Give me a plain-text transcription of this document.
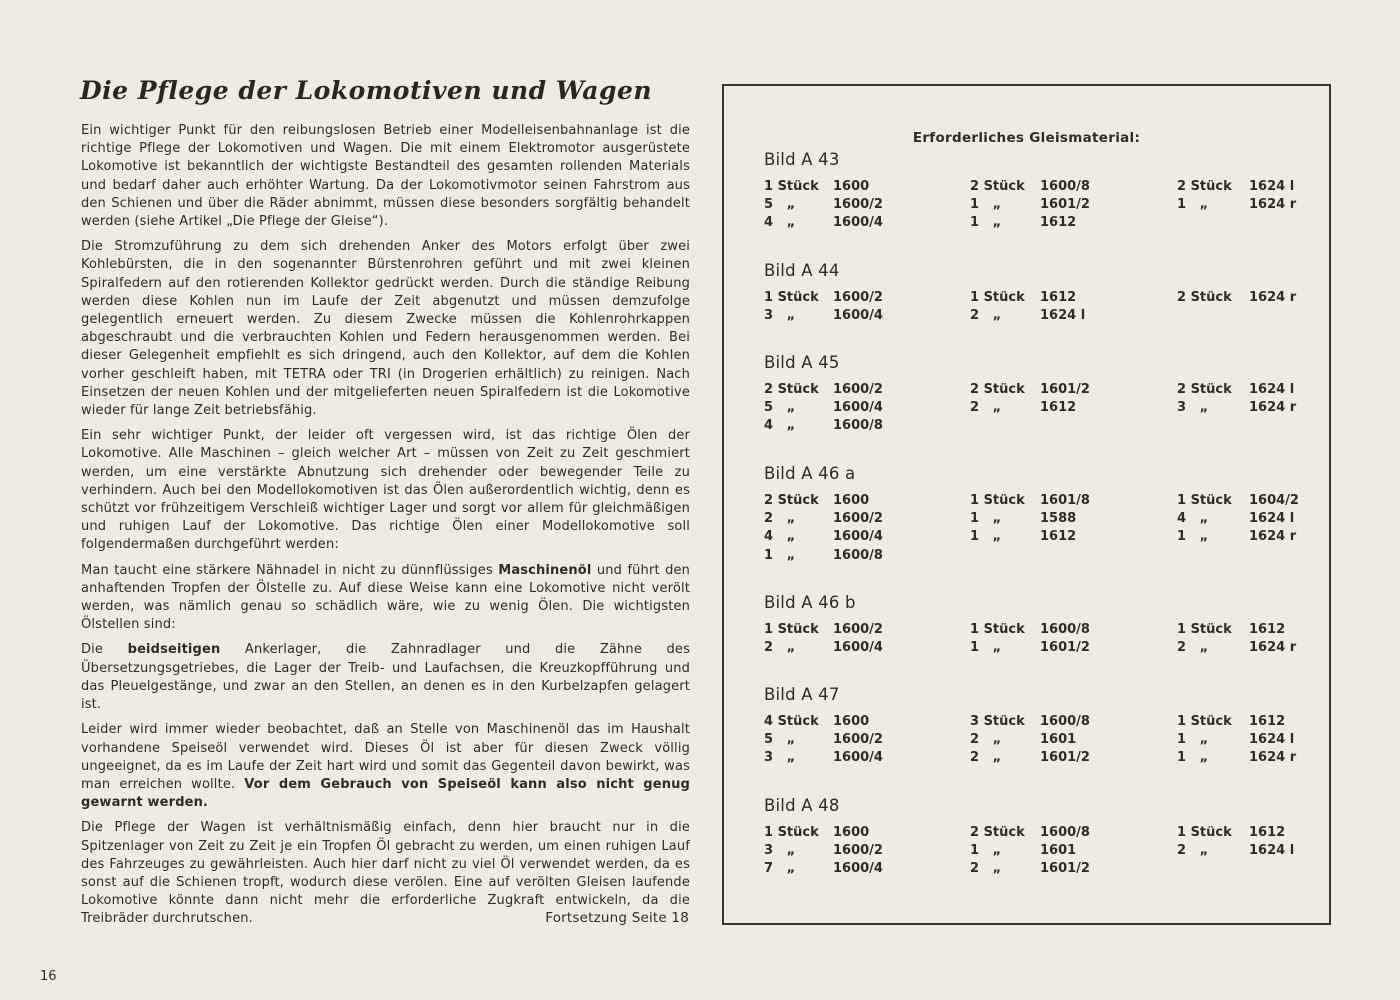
Die Pflege der Lokomotiven und Wagen

Ein wichtiger Punkt für den reibungslosen Betrieb einer Modelleisenbahnanlage ist die richtige Pflege der Lokomotiven und Wagen. Die mit einem Elektromotor ausgerüstete Lokomotive ist bekanntlich der wichtigste Bestandteil des gesamten rollenden Materials und bedarf daher auch erhöhter Wartung. Da der Lokomotivmotor seinen Fahrstrom aus den Schienen und über die Räder abnimmt, müssen diese besonders sorgfältig behandelt werden (siehe Artikel „Die Pflege der Gleise“).

Die Stromzuführung zu dem sich drehenden Anker des Motors erfolgt über zwei Kohlebürsten, die in den sogenannter Bürstenrohren geführt und mit zwei kleinen Spiralfedern auf den rotierenden Kollektor gedrückt werden. Durch die ständige Reibung werden diese Kohlen nun im Laufe der Zeit abgenutzt und müssen demzufolge gelegentlich erneuert werden. Zu diesem Zwecke müssen die Kohlenrohrkappen abgeschraubt und die verbrauchten Kohlen und Federn herausgenommen werden. Bei dieser Gelegenheit empfiehlt es sich dringend, auch den Kollektor, auf dem die Kohlen vorher geschleift haben, mit TETRA oder TRI (in Drogerien erhältlich) zu reinigen. Nach Einsetzen der neuen Kohlen und der mitgelieferten neuen Spiralfedern ist die Lokomotive wieder für lange Zeit betriebsfähig.

Ein sehr wichtiger Punkt, der leider oft vergessen wird, ist das richtige Ölen der Lokomotive. Alle Maschinen – gleich welcher Art – müssen von Zeit zu Zeit geschmiert werden, um eine verstärkte Abnutzung sich drehender oder bewegender Teile zu verhindern. Auch bei den Modellokomotiven ist das Ölen außerordentlich wichtig, denn es schützt vor frühzeitigem Verschleiß wichtiger Lager und sorgt vor allem für gleichmäßigen und ruhigen Lauf der Lokomotive. Das richtige Ölen einer Modellokomotive soll folgendermaßen durchgeführt werden:

Man taucht eine stärkere Nähnadel in nicht zu dünnflüssiges Maschinenöl und führt den anhaftenden Tropfen der Ölstelle zu. Auf diese Weise kann eine Lokomotive nicht verölt werden, was nämlich genau so schädlich wäre, wie zu wenig Ölen. Die wichtigsten Ölstellen sind:

Die beidseitigen Ankerlager, die Zahnradlager und die Zähne des Übersetzungsgetriebes, die Lager der Treib- und Laufachsen, die Kreuzkopfführung und das Pleuelgestänge, und zwar an den Stellen, an denen es in den Kurbelzapfen gelagert ist.

Leider wird immer wieder beobachtet, daß an Stelle von Maschinenöl das im Haushalt vorhandene Speiseöl verwendet wird. Dieses Öl ist aber für diesen Zweck völlig ungeeignet, da es im Laufe der Zeit hart wird und somit das Gegenteil davon bewirkt, was man erreichen wollte. Vor dem Gebrauch von Speiseöl kann also nicht genug gewarnt werden.

Die Pflege der Wagen ist verhältnismäßig einfach, denn hier braucht nur in die Spitzenlager von Zeit zu Zeit je ein Tropfen Öl gebracht zu werden, um einen ruhigen Lauf des Fahrzeuges zu gewährleisten. Auch hier darf nicht zu viel Öl verwendet werden, da es sonst auf die Schienen tropft, wodurch diese verölen. Eine auf verölten Gleisen laufende Lokomotive könnte dann nicht mehr die erforderliche Zugkraft entwickeln, da die Treibräder durchrutschen.	Fortsetzung Seite 18
16
Erforderliches Gleismaterial:
Bild A 43
1 Stück	1600	2 Stück	1600/8	2 Stück	1624 l
5   „	1600/2	1   „	1601/2	1   „	1624 r
4   „	1600/4	1   „	1612
Bild A 44
1 Stück	1600/2	1 Stück	1612	2 Stück	1624 r
3   „	1600/4	2   „	1624 l
Bild A 45
2 Stück	1600/2	2 Stück	1601/2	2 Stück	1624 l
5   „	1600/4	2   „	1612	3   „	1624 r
4   „	1600/8
Bild A 46 a
2 Stück	1600	1 Stück	1601/8	1 Stück	1604/2
2   „	1600/2	1   „	1588	4   „	1624 l
4   „	1600/4	1   „	1612	1   „	1624 r
1   „	1600/8
Bild A 46 b
1 Stück	1600/2	1 Stück	1600/8	1 Stück	1612
2   „	1600/4	1   „	1601/2	2   „	1624 r
Bild A 47
4 Stück	1600	3 Stück	1600/8	1 Stück	1612
5   „	1600/2	2   „	1601	1   „	1624 l
3   „	1600/4	2   „	1601/2	1   „	1624 r
Bild A 48
1 Stück	1600	2 Stück	1600/8	1 Stück	1612
3   „	1600/2	1   „	1601	2   „	1624 l
7   „	1600/4	2   „	1601/2
